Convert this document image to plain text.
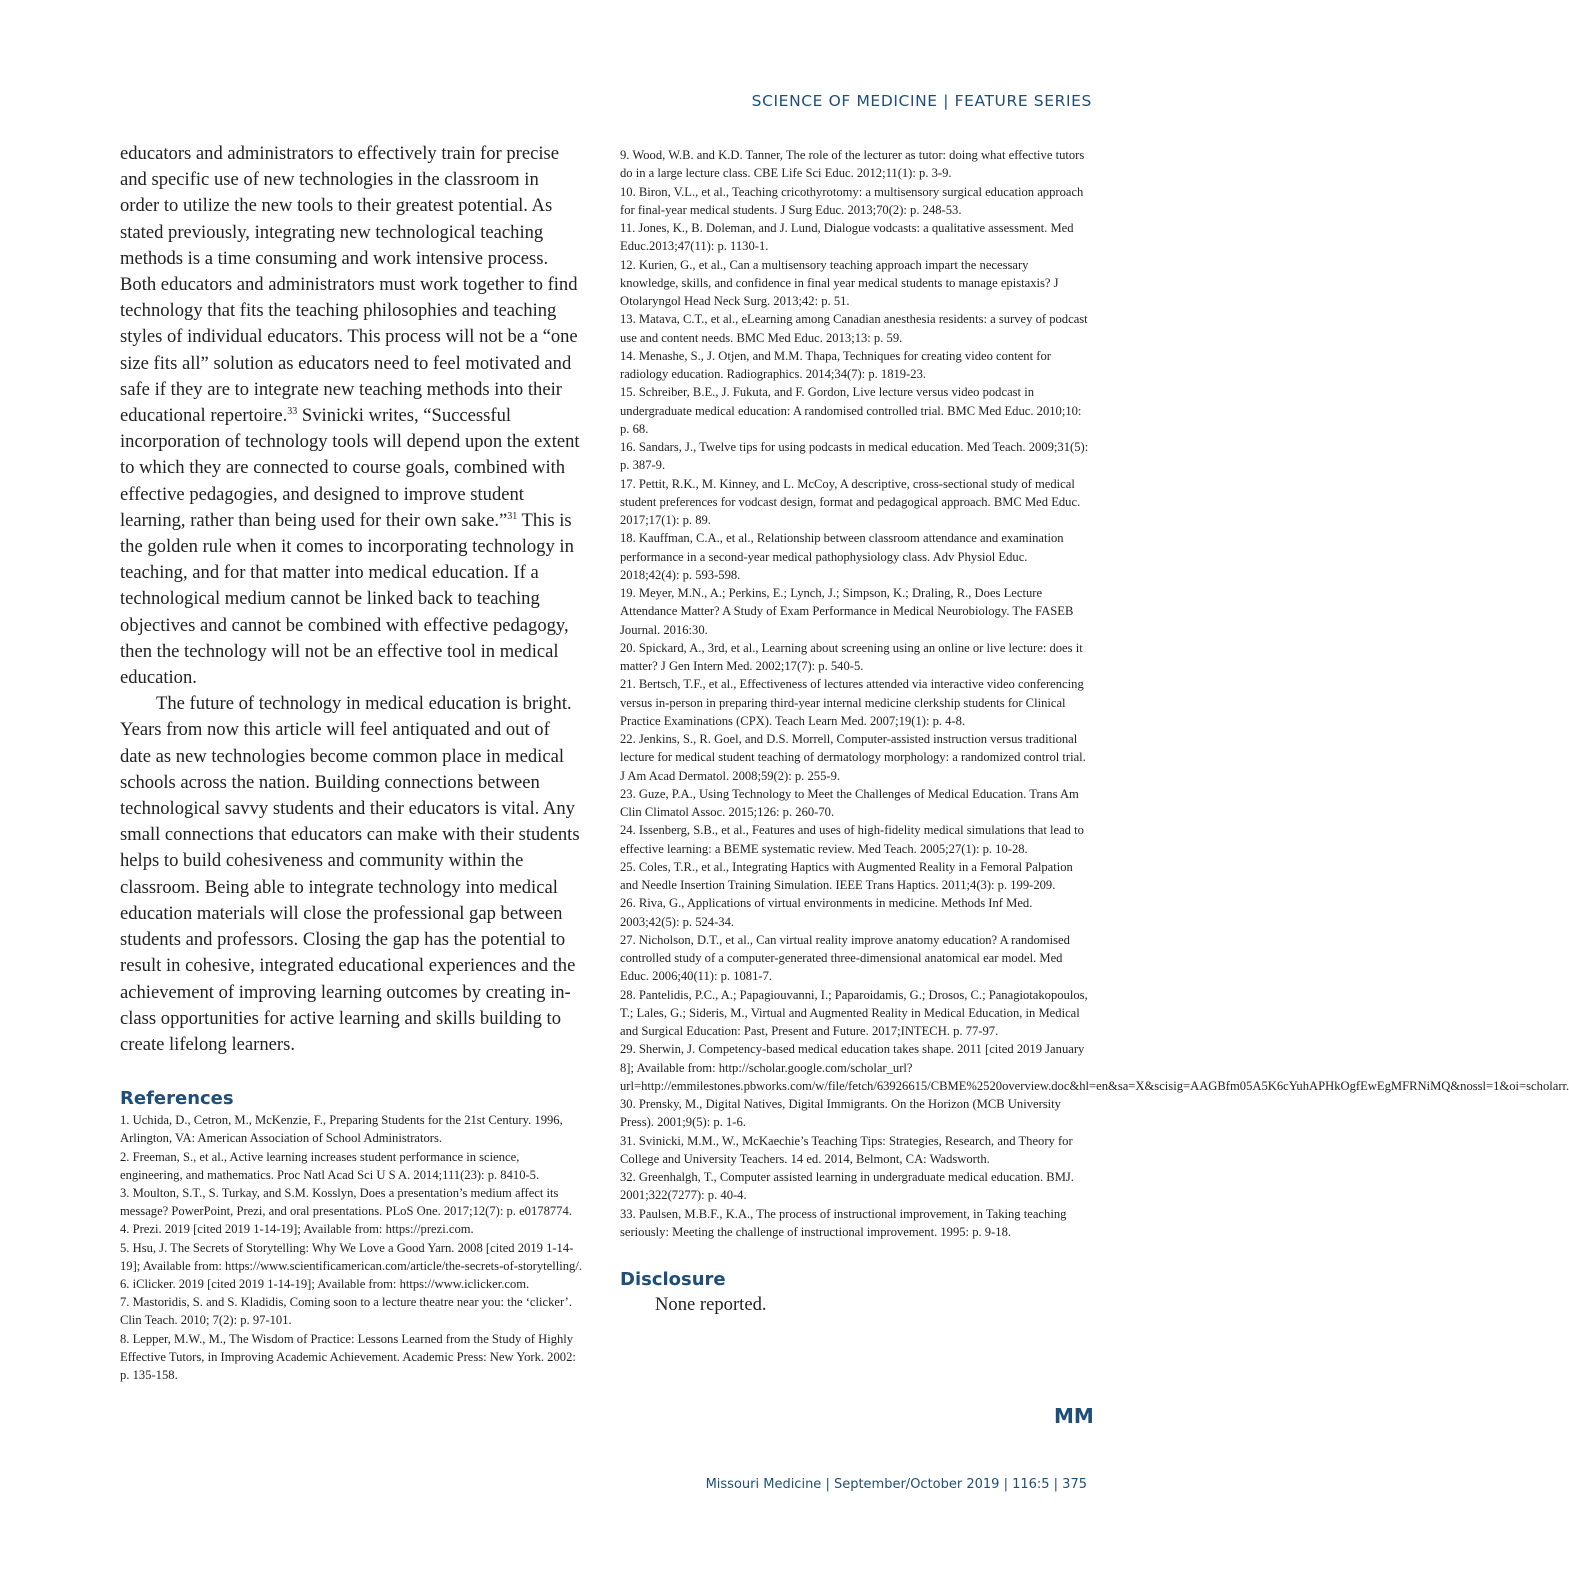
SCIENCE OF MEDICINE | FEATURE SERIES

educators and administrators to effectively train for precise and specific use of new technologies in the classroom in order to utilize the new tools to their greatest potential. As stated previously, integrating new technological teaching methods is a time consuming and work intensive process. Both educators and administrators must work together to find technology that fits the teaching philosophies and teaching styles of individual educators. This process will not be a “one size fits all” solution as educators need to feel motivated and safe if they are to integrate new teaching methods into their educational repertoire.$^{33}$ Svinicki writes, “Successful incorporation of technology tools will depend upon the extent to which they are connected to course goals, combined with effective pedagogies, and designed to improve student learning, rather than being used for their own sake.”$^{31}$ This is the golden rule when it comes to incorporating technology in teaching, and for that matter into medical education. If a technological medium cannot be linked back to teaching objectives and cannot be combined with effective pedagogy, then the technology will not be an effective tool in medical education.

The future of technology in medical education is bright. Years from now this article will feel antiquated and out of date as new technologies become common place in medical schools across the nation. Building connections between technological savvy students and their educators is vital. Any small connections that educators can make with their students helps to build cohesiveness and community within the classroom. Being able to integrate technology into medical education materials will close the professional gap between students and professors. Closing the gap has the potential to result in cohesive, integrated educational experiences and the achievement of improving learning outcomes by creating in-class opportunities for active learning and skills building to create lifelong learners.

References

1. Uchida, D., Cetron, M., McKenzie, F., Preparing Students for the 21st Century. 1996, Arlington, VA: American Association of School Administrators.

2. Freeman, S., et al., Active learning increases student performance in science, engineering, and mathematics. Proc Natl Acad Sci U S A. 2014;111(23): p. 8410-5.

3. Moulton, S.T., S. Turkay, and S.M. Kosslyn, Does a presentation’s medium affect its message? PowerPoint, Prezi, and oral presentations. PLoS One. 2017;12(7): p. e0178774.

4. Prezi. 2019 [cited 2019 1-14-19]; Available from: https://prezi.com.

5. Hsu, J. The Secrets of Storytelling: Why We Love a Good Yarn. 2008 [cited 2019 1-14-19]; Available from: https://www.scientificamerican.com/article/the-secrets-of-storytelling/.

6. iClicker. 2019 [cited 2019 1-14-19]; Available from: https://www.iclicker.com.

7. Mastoridis, S. and S. Kladidis, Coming soon to a lecture theatre near you: the ‘clicker’. Clin Teach. 2010; 7(2): p. 97-101.

8. Lepper, M.W., M., The Wisdom of Practice: Lessons Learned from the Study of Highly Effective Tutors, in Improving Academic Achievement. Academic Press: New York. 2002: p. 135-158.

9. Wood, W.B. and K.D. Tanner, The role of the lecturer as tutor: doing what effective tutors do in a large lecture class. CBE Life Sci Educ. 2012;11(1): p. 3-9.

10. Biron, V.L., et al., Teaching cricothyrotomy: a multisensory surgical education approach for final-year medical students. J Surg Educ. 2013;70(2): p. 248-53.

11. Jones, K., B. Doleman, and J. Lund, Dialogue vodcasts: a qualitative assessment. Med Educ.2013;47(11): p. 1130-1.

12. Kurien, G., et al., Can a multisensory teaching approach impart the necessary knowledge, skills, and confidence in final year medical students to manage epistaxis? J Otolaryngol Head Neck Surg. 2013;42: p. 51.

13. Matava, C.T., et al., eLearning among Canadian anesthesia residents: a survey of podcast use and content needs. BMC Med Educ. 2013;13: p. 59.

14. Menashe, S., J. Otjen, and M.M. Thapa, Techniques for creating video content for radiology education. Radiographics. 2014;34(7): p. 1819-23.

15. Schreiber, B.E., J. Fukuta, and F. Gordon, Live lecture versus video podcast in undergraduate medical education: A randomised controlled trial. BMC Med Educ. 2010;10: p. 68.

16. Sandars, J., Twelve tips for using podcasts in medical education. Med Teach. 2009;31(5): p. 387-9.

17. Pettit, R.K., M. Kinney, and L. McCoy, A descriptive, cross-sectional study of medical student preferences for vodcast design, format and pedagogical approach. BMC Med Educ. 2017;17(1): p. 89.

18. Kauffman, C.A., et al., Relationship between classroom attendance and examination performance in a second-year medical pathophysiology class. Adv Physiol Educ. 2018;42(4): p. 593-598.

19. Meyer, M.N., A.; Perkins, E.; Lynch, J.; Simpson, K.; Draling, R., Does Lecture Attendance Matter? A Study of Exam Performance in Medical Neurobiology. The FASEB Journal. 2016:30.

20. Spickard, A., 3rd, et al., Learning about screening using an online or live lecture: does it matter? J Gen Intern Med. 2002;17(7): p. 540-5.

21. Bertsch, T.F., et al., Effectiveness of lectures attended via interactive video conferencing versus in-person in preparing third-year internal medicine clerkship students for Clinical Practice Examinations (CPX). Teach Learn Med. 2007;19(1): p. 4-8.

22. Jenkins, S., R. Goel, and D.S. Morrell, Computer-assisted instruction versus traditional lecture for medical student teaching of dermatology morphology: a randomized control trial. J Am Acad Dermatol. 2008;59(2): p. 255-9.

23. Guze, P.A., Using Technology to Meet the Challenges of Medical Education. Trans Am Clin Climatol Assoc. 2015;126: p. 260-70.

24. Issenberg, S.B., et al., Features and uses of high-fidelity medical simulations that lead to effective learning: a BEME systematic review. Med Teach. 2005;27(1): p. 10-28.

25. Coles, T.R., et al., Integrating Haptics with Augmented Reality in a Femoral Palpation and Needle Insertion Training Simulation. IEEE Trans Haptics. 2011;4(3): p. 199-209.

26. Riva, G., Applications of virtual environments in medicine. Methods Inf Med. 2003;42(5): p. 524-34.

27. Nicholson, D.T., et al., Can virtual reality improve anatomy education? A randomised controlled study of a computer-generated three-dimensional anatomical ear model. Med Educ. 2006;40(11): p. 1081-7.

28. Pantelidis, P.C., A.; Papagiouvanni, I.; Paparoidamis, G.; Drosos, C.; Panagiotakopoulos, T.; Lales, G.; Sideris, M., Virtual and Augmented Reality in Medical Education, in Medical and Surgical Education: Past, Present and Future. 2017;INTECH. p. 77-97.

29. Sherwin, J. Competency-based medical education takes shape. 2011 [cited 2019 January 8]; Available from: http://scholar.google.com/scholar_url?url=http://emmilestones.pbworks.com/w/file/fetch/63926615/CBME%2520overview.doc&hl=en&sa=X&scisig=AAGBfm05A5K6cYuhAPHkOgfEwEgMFRNiMQ&nossl=1&oi=scholarr.

30. Prensky, M., Digital Natives, Digital Immigrants. On the Horizon (MCB University Press). 2001;9(5): p. 1-6.

31. Svinicki, M.M., W., McKaechie’s Teaching Tips: Strategies, Research, and Theory for College and University Teachers. 14 ed. 2014, Belmont, CA: Wadsworth.

32. Greenhalgh, T., Computer assisted learning in undergraduate medical education. BMJ. 2001;322(7277): p. 40-4.

33. Paulsen, M.B.F., K.A., The process of instructional improvement, in Taking teaching seriously: Meeting the challenge of instructional improvement. 1995: p. 9-18.

Disclosure
None reported.
MM
Missouri Medicine | September/October 2019 | 116:5 | 375
